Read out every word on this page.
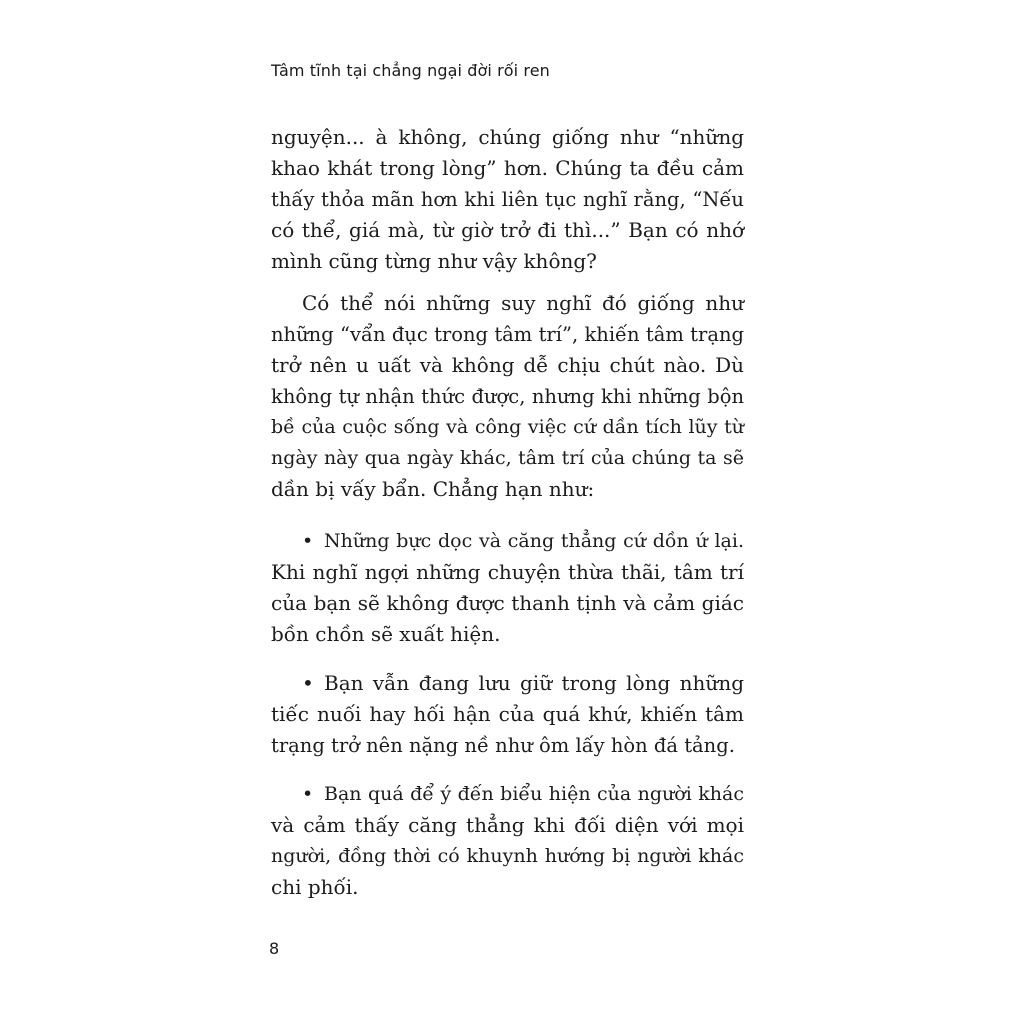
Tâm tĩnh tại chẳng ngại đời rối ren

nguyện... à không, chúng giống như “những
khao khát trong lòng” hơn. Chúng ta đều cảm
thấy thỏa mãn hơn khi liên tục nghĩ rằng, “Nếu
có thể, giá mà, từ giờ trở đi thì...” Bạn có nhớ
mình cũng từng như vậy không?

Có thể nói những suy nghĩ đó giống như
những “vẩn đục trong tâm trí”, khiến tâm trạng
trở nên u uất và không dễ chịu chút nào. Dù
không tự nhận thức được, nhưng khi những bộn
bề của cuộc sống và công việc cứ dần tích lũy từ
ngày này qua ngày khác, tâm trí của chúng ta sẽ
dần bị vấy bẩn. Chẳng hạn như:

• Những bực dọc và căng thẳng cứ dồn ứ lại.
Khi nghĩ ngợi những chuyện thừa thãi, tâm trí
của bạn sẽ không được thanh tịnh và cảm giác
bồn chồn sẽ xuất hiện.

• Bạn vẫn đang lưu giữ trong lòng những
tiếc nuối hay hối hận của quá khứ, khiến tâm
trạng trở nên nặng nề như ôm lấy hòn đá tảng.

• Bạn quá để ý đến biểu hiện của người khác
và cảm thấy căng thẳng khi đối diện với mọi
người, đồng thời có khuynh hướng bị người khác
chi phối.

8
